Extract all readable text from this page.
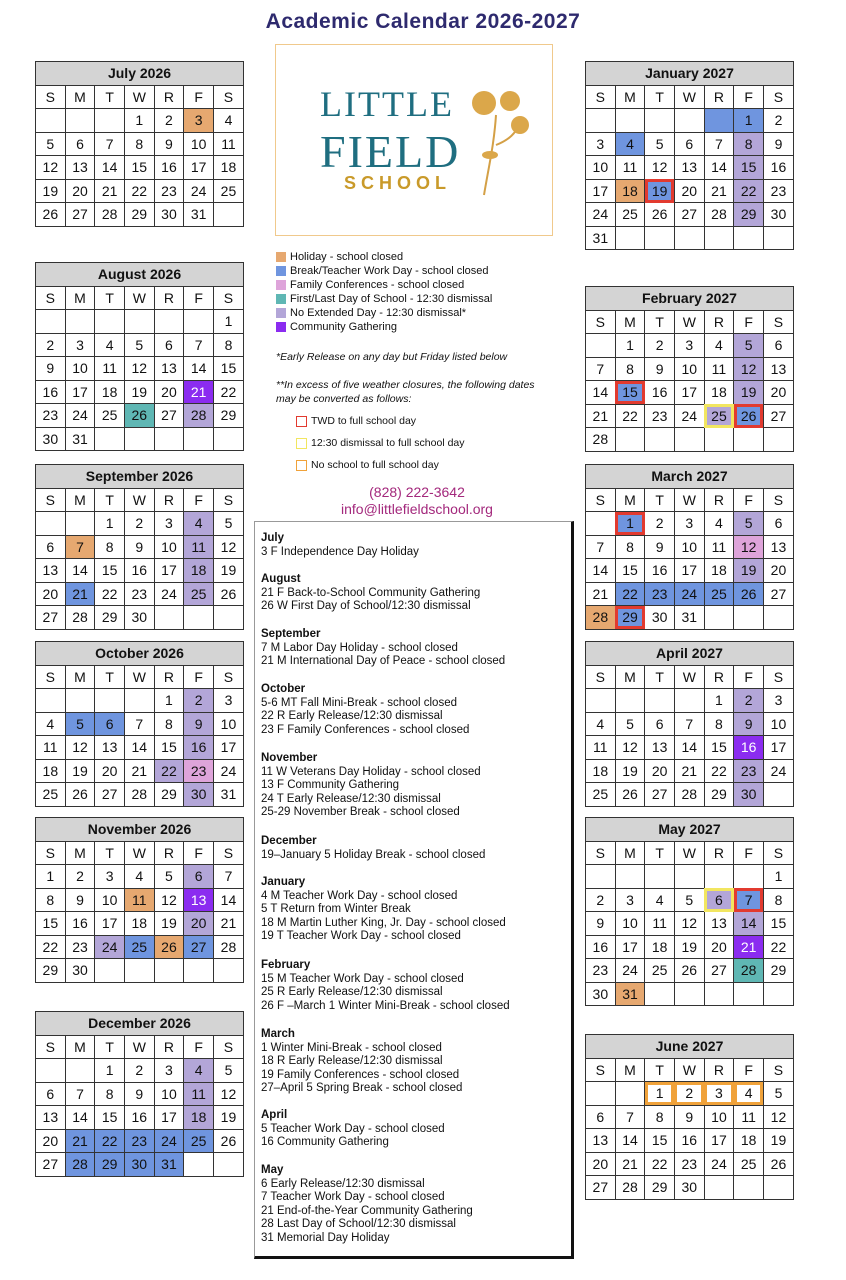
Academic Calendar 2026-2027
LITTLE
FIELD
SCHOOL
Holiday - school closed
Break/Teacher Work Day - school closed
Family Conferences - school closed
First/Last Day of School - 12:30 dismissal
No Extended Day - 12:30 dismissal*
Community Gathering
*Early Release on any day but Friday listed below
**In excess of five weather closures, the following dates may be converted as follows:
TWD to full school day
12:30 dismissal to full school day
No school to full school day
(828) 222-3642
info@littlefieldschool.org
July 2026						
S	M	T	W	R	F	S
			1	2	3	4
5	6	7	8	9	10	11
12	13	14	15	16	17	18
19	20	21	22	23	24	25
26	27	28	29	30	31	
August 2026						
S	M	T	W	R	F	S
						1
2	3	4	5	6	7	8
9	10	11	12	13	14	15
16	17	18	19	20	21	22
23	24	25	26	27	28	29
30	31					
September 2026						
S	M	T	W	R	F	S
		1	2	3	4	5
6	7	8	9	10	11	12
13	14	15	16	17	18	19
20	21	22	23	24	25	26
27	28	29	30			
October 2026						
S	M	T	W	R	F	S
				1	2	3
4	5	6	7	8	9	10
11	12	13	14	15	16	17
18	19	20	21	22	23	24
25	26	27	28	29	30	31
November 2026						
S	M	T	W	R	F	S
1	2	3	4	5	6	7
8	9	10	11	12	13	14
15	16	17	18	19	20	21
22	23	24	25	26	27	28
29	30					
December 2026						
S	M	T	W	R	F	S
		1	2	3	4	5
6	7	8	9	10	11	12
13	14	15	16	17	18	19
20	21	22	23	24	25	26
27	28	29	30	31		
January 2027						
S	M	T	W	R	F	S
					1	2
3	4	5	6	7	8	9
10	11	12	13	14	15	16
17	18	19	20	21	22	23
24	25	26	27	28	29	30
31						
February 2027						
S	M	T	W	R	F	S
	1	2	3	4	5	6
7	8	9	10	11	12	13
14	15	16	17	18	19	20
21	22	23	24	25	26	27
28						
March 2027						
S	M	T	W	R	F	S
	1	2	3	4	5	6
7	8	9	10	11	12	13
14	15	16	17	18	19	20
21	22	23	24	25	26	27
28	29	30	31			
April 2027						
S	M	T	W	R	F	S
				1	2	3
4	5	6	7	8	9	10
11	12	13	14	15	16	17
18	19	20	21	22	23	24
25	26	27	28	29	30	
May 2027						
S	M	T	W	R	F	S
						1
2	3	4	5	6	7	8
9	10	11	12	13	14	15
16	17	18	19	20	21	22
23	24	25	26	27	28	29
30	31					
June 2027						
S	M	T	W	R	F	S
		1	2	3	4	5
6	7	8	9	10	11	12
13	14	15	16	17	18	19
20	21	22	23	24	25	26
27	28	29	30			
July
3 F Independence Day Holiday
August
21 F Back-to-School Community Gathering
26 W First Day of School/12:30 dismissal
September
7 M Labor Day Holiday - school closed
21 M International Day of Peace - school closed
October
5-6 MT Fall Mini-Break - school closed
22 R Early Release/12:30 dismissal
23 F Family Conferences - school closed
November
11 W Veterans Day Holiday - school closed
13 F Community Gathering
24 T Early Release/12:30 dismissal
25-29 November Break - school closed
December
19–January 5 Holiday Break - school closed
January
4 M Teacher Work Day - school closed
5 T Return from Winter Break
18 M Martin Luther King, Jr. Day - school closed
19 T Teacher Work Day - school closed
February
15 M Teacher Work Day - school closed
25 R Early Release/12:30 dismissal
26 F –March 1 Winter Mini-Break - school closed
March
1 Winter Mini-Break - school closed
18 R Early Release/12:30 dismissal
19 Family Conferences - school closed
27–April 5 Spring Break - school closed
April
5 Teacher Work Day - school closed
16 Community Gathering
May
6 Early Release/12:30 dismissal
7 Teacher Work Day - school closed
21 End-of-the-Year Community Gathering
28 Last Day of School/12:30 dismissal
31 Memorial Day Holiday
